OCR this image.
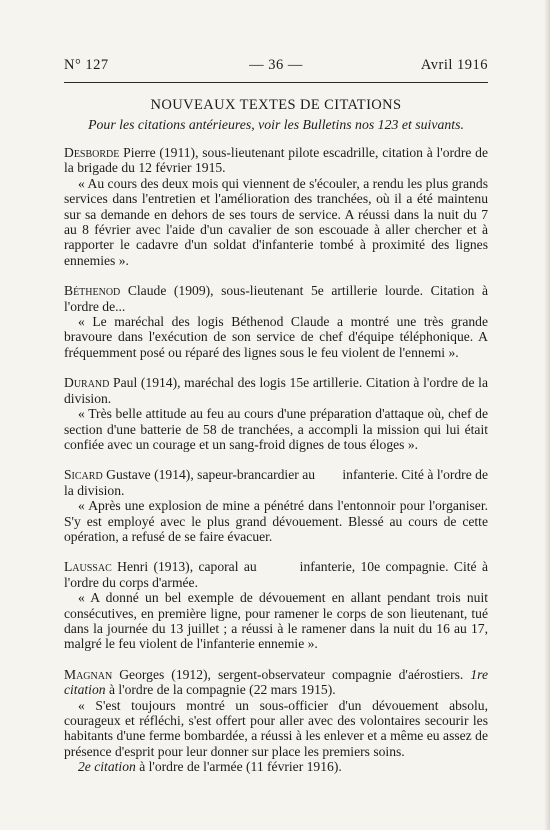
N° 127	— 36 —	Avril 1916
NOUVEAUX TEXTES DE CITATIONS
Pour les citations antérieures, voir les Bulletins nos 123 et suivants.

Desborde Pierre (1911), sous-lieutenant pilote escadrille, citation à l'ordre de la brigade du 12 février 1915.

« Au cours des deux mois qui viennent de s'écouler, a rendu les plus grands services dans l'entretien et l'amélioration des tranchées, où il a été maintenu sur sa demande en dehors de ses tours de service. A réussi dans la nuit du 7 au 8 février avec l'aide d'un cavalier de son escouade à aller chercher et à rapporter le cadavre d'un soldat d'infanterie tombé à proximité des lignes ennemies ».

Béthenod Claude (1909), sous-lieutenant 5e artillerie lourde. Citation à l'ordre de...

« Le maréchal des logis Béthenod Claude a montré une très grande bravoure dans l'exécution de son service de chef d'équipe téléphonique. A fréquemment posé ou réparé des lignes sous le feu violent de l'ennemi ».

Durand Paul (1914), maréchal des logis 15e artillerie. Citation à l'ordre de la division.

« Très belle attitude au feu au cours d'une préparation d'attaque où, chef de section d'une batterie de 58 de tranchées, a accompli la mission qui lui était confiée avec un courage et un sang-froid dignes de tous éloges ».

Sicard Gustave (1914), sapeur-brancardier au        infanterie. Cité à l'ordre de la division.

« Après une explosion de mine a pénétré dans l'entonnoir pour l'organiser. S'y est employé avec le plus grand dévouement. Blessé au cours de cette opération, a refusé de se faire évacuer.

Laussac Henri (1913), caporal au        infanterie, 10e compagnie. Cité à l'ordre du corps d'armée.

« A donné un bel exemple de dévouement en allant pendant trois nuit consécutives, en première ligne, pour ramener le corps de son lieutenant, tué dans la journée du 13 juillet ; a réussi à le ramener dans la nuit du 16 au 17, malgré le feu violent de l'infanterie ennemie ».

Magnan Georges (1912), sergent-observateur compagnie d'aérostiers. 1re citation à l'ordre de la compagnie (22 mars 1915).

« S'est toujours montré un sous-officier d'un dévouement absolu, courageux et réfléchi, s'est offert pour aller avec des volontaires secourir les habitants d'une ferme bombardée, a réussi à les enlever et a même eu assez de présence d'esprit pour leur donner sur place les premiers soins.

2e citation à l'ordre de l'armée (11 février 1916).
